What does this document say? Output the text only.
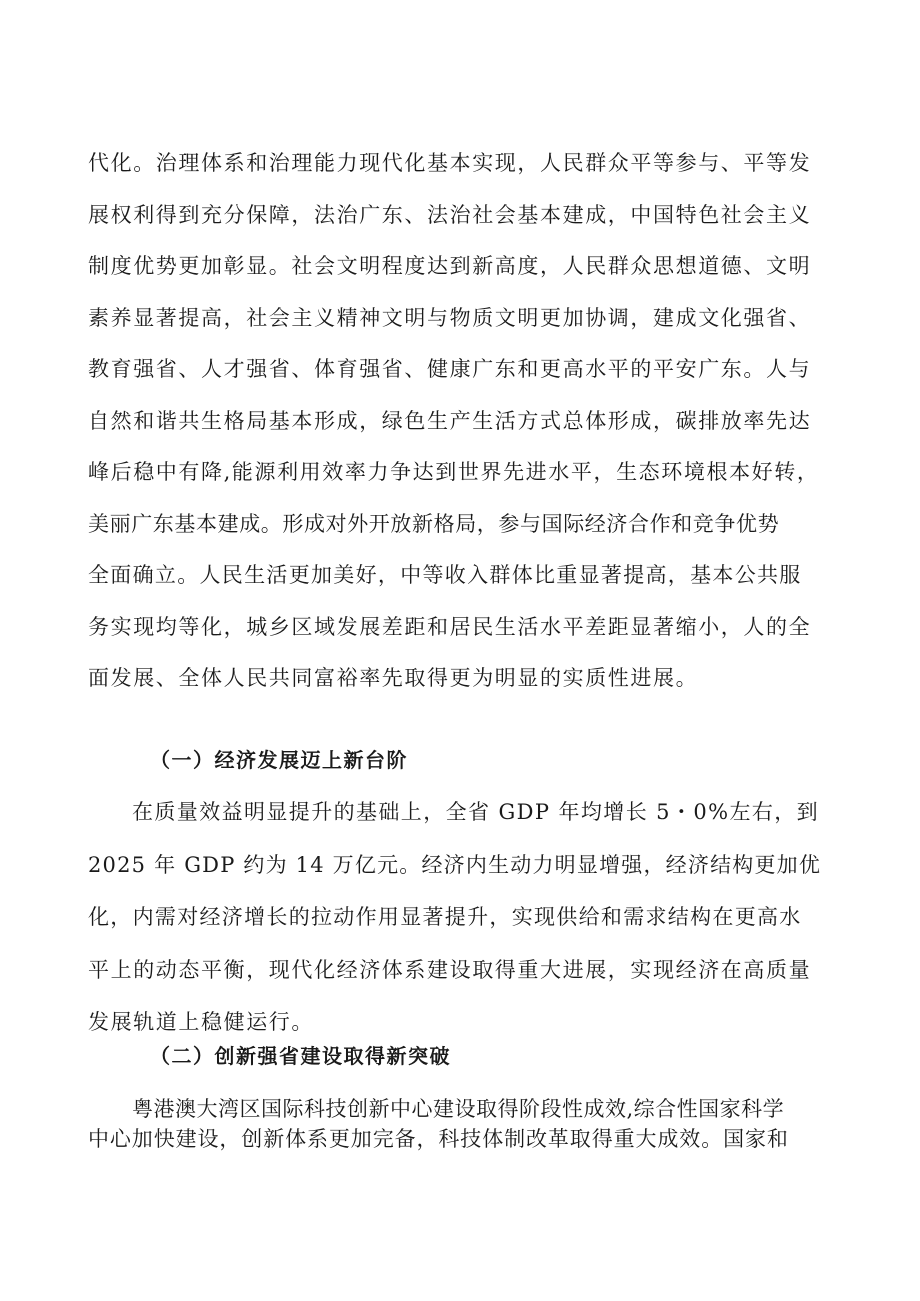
代化。治理体系和治理能力现代化基本实现，人民群众平等参与、平等发
展权利得到充分保障，法治广东、法治社会基本建成，中国特色社会主义
制度优势更加彰显。社会文明程度达到新高度，人民群众思想道德、文明
素养显著提高，社会主义精神文明与物质文明更加协调，建成文化强省、
教育强省、人才强省、体育强省、健康广东和更高水平的平安广东。人与
自然和谐共生格局基本形成，绿色生产生活方式总体形成，碳排放率先达
峰后稳中有降,能源利用效率力争达到世界先进水平，生态环境根本好转，
美丽广东基本建成。形成对外开放新格局，参与国际经济合作和竞争优势
全面确立。人民生活更加美好，中等收入群体比重显著提高，基本公共服
务实现均等化，城乡区域发展差距和居民生活水平差距显著缩小，人的全
面发展、全体人民共同富裕率先取得更为明显的实质性进展。

（一）经济发展迈上新台阶

在质量效益明显提升的基础上，全省 GDP 年均增长 5・0%左右，到
2025 年 GDP 约为 14 万亿元。经济内生动力明显增强，经济结构更加优
化，内需对经济增长的拉动作用显著提升，实现供给和需求结构在更高水
平上的动态平衡，现代化经济体系建设取得重大进展，实现经济在高质量
发展轨道上稳健运行。

（二）创新强省建设取得新突破

粤港澳大湾区国际科技创新中心建设取得阶段性成效,综合性国家科学
中心加快建设，创新体系更加完备，科技体制改革取得重大成效。国家和
